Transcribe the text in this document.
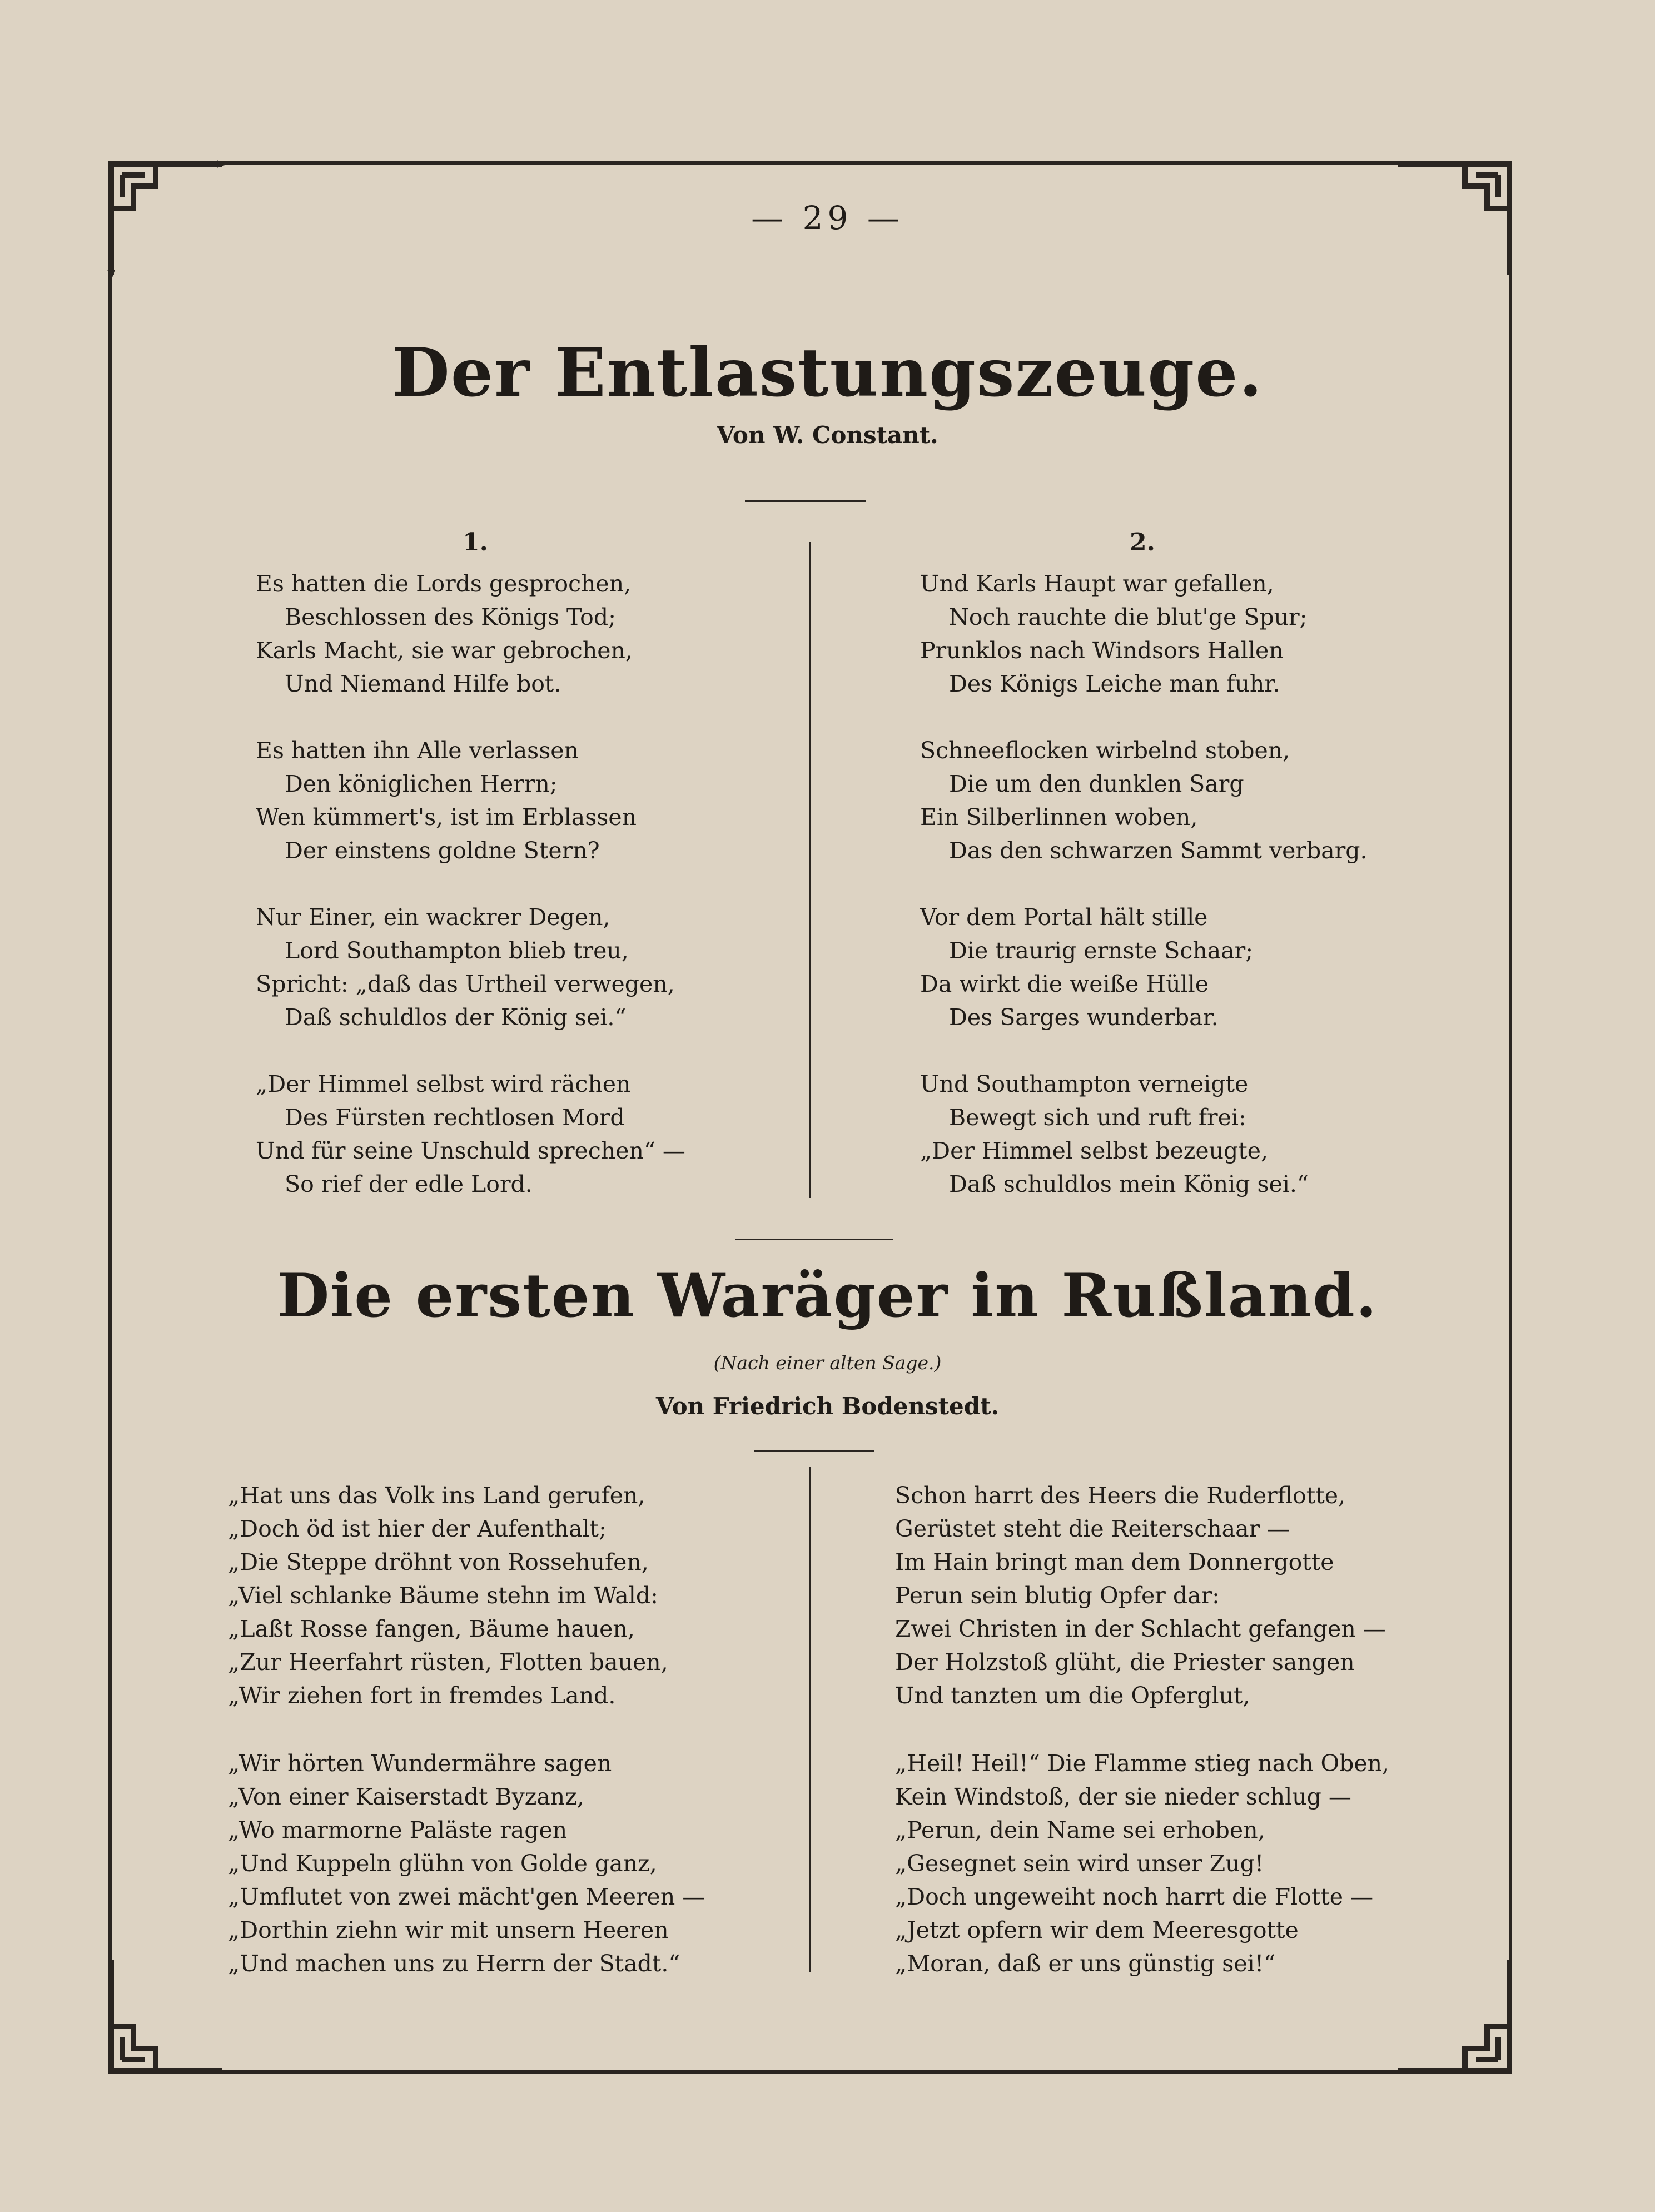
— 29 —
Der Entlastungszeuge.
Von W. Constant.
1.	2.
Es hatten die Lords gesprochen,
Beschlossen des Königs Tod;
Karls Macht, sie war gebrochen,
Und Niemand Hilfe bot.
Es hatten ihn Alle verlassen
Den königlichen Herrn;
Wen kümmert's, ist im Erblassen
Der einstens goldne Stern?
Nur Einer, ein wackrer Degen,
Lord Southampton blieb treu,
Spricht: „daß das Urtheil verwegen,
Daß schuldlos der König sei.“
„Der Himmel selbst wird rächen
Des Fürsten rechtlosen Mord
Und für seine Unschuld sprechen“ —
So rief der edle Lord.
Und Karls Haupt war gefallen,
Noch rauchte die blut'ge Spur;
Prunklos nach Windsors Hallen
Des Königs Leiche man fuhr.
Schneeflocken wirbelnd stoben,
Die um den dunklen Sarg
Ein Silberlinnen woben,
Das den schwarzen Sammt verbarg.
Vor dem Portal hält stille
Die traurig ernste Schaar;
Da wirkt die weiße Hülle
Des Sarges wunderbar.
Und Southampton verneigte
Bewegt sich und ruft frei:
„Der Himmel selbst bezeugte,
Daß schuldlos mein König sei.“
Die ersten Waräger in Rußland.
(Nach einer alten Sage.)
Von Friedrich Bodenstedt.
„Hat uns das Volk ins Land gerufen,
„Doch öd ist hier der Aufenthalt;
„Die Steppe dröhnt von Rossehufen,
„Viel schlanke Bäume stehn im Wald:
„Laßt Rosse fangen, Bäume hauen,
„Zur Heerfahrt rüsten, Flotten bauen,
„Wir ziehen fort in fremdes Land.
„Wir hörten Wundermähre sagen
„Von einer Kaiserstadt Byzanz,
„Wo marmorne Paläste ragen
„Und Kuppeln glühn von Golde ganz,
„Umflutet von zwei mächt'gen Meeren —
„Dorthin ziehn wir mit unsern Heeren
„Und machen uns zu Herrn der Stadt.“
Schon harrt des Heers die Ruderflotte,
Gerüstet steht die Reiterschaar —
Im Hain bringt man dem Donnergotte
Perun sein blutig Opfer dar:
Zwei Christen in der Schlacht gefangen —
Der Holzstoß glüht, die Priester sangen
Und tanzten um die Opferglut,
„Heil! Heil!“ Die Flamme stieg nach Oben,
Kein Windstoß, der sie nieder schlug —
„Perun, dein Name sei erhoben,
„Gesegnet sein wird unser Zug!
„Doch ungeweiht noch harrt die Flotte —
„Jetzt opfern wir dem Meeresgotte
„Moran, daß er uns günstig sei!“
